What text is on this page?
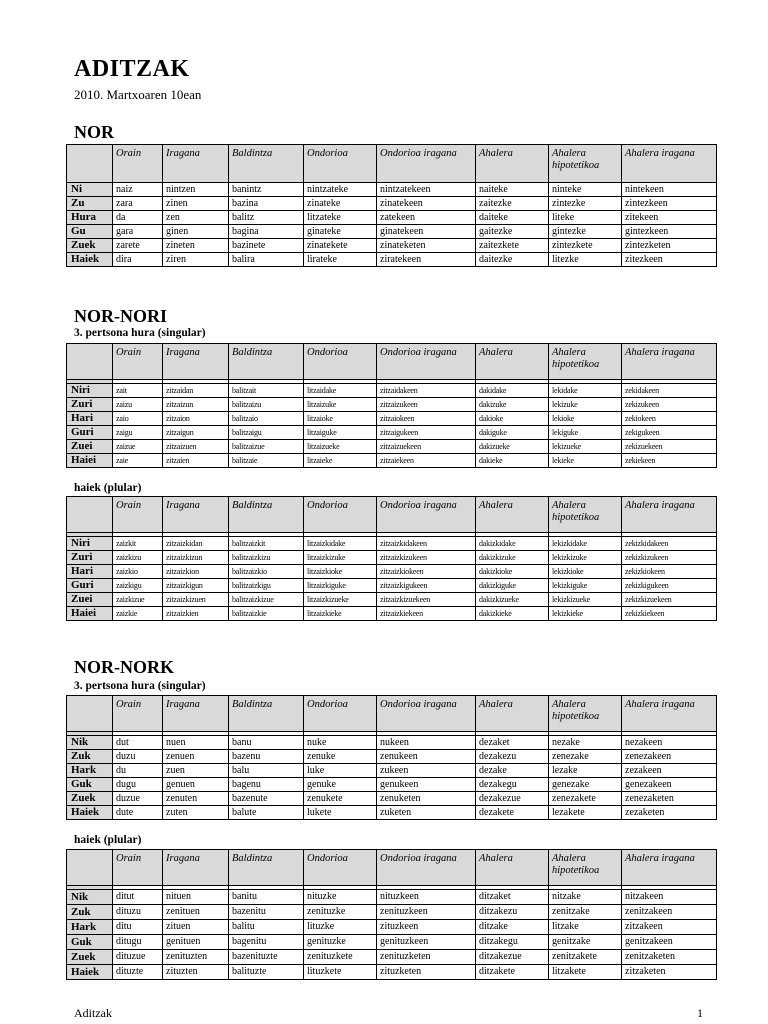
ADITZAK
2010. Martxoaren 10ean
NOR
	Orain	Iragana	Baldintza	Ondorioa	Ondorioa iragana	Ahalera	Ahalera hipotetikoa	Ahalera iragana
Ni	naiz	nintzen	banintz	nintzateke	nintzatekeen	naiteke	ninteke	nintekeen
Zu	zara	zinen	bazina	zinateke	zinatekeen	zaitezke	zintezke	zintezkeen
Hura	da	zen	balitz	litzateke	zatekeen	daiteke	liteke	zitekeen
Gu	gara	ginen	bagina	ginateke	ginatekeen	gaitezke	gintezke	gintezkeen
Zuek	zarete	zineten	bazinete	zinatekete	zinateketen	zaitezkete	zintezkete	zintezketen
Haiek	dira	ziren	balira	lirateke	ziratekeen	daitezke	litezke	zitezkeen
NOR-NORI
3. pertsona hura (singular)
	Orain	Iragana	Baldintza	Ondorioa	Ondorioa iragana	Ahalera	Ahalera hipotetikoa	Ahalera iragana

Niri	zait	zitzaidan	balitzait	litzaidake	zitzaidakeen	dakidake	lekidake	zekidakeen
Zuri	zaizu	zitzaizun	balitzaizu	litzaizuke	zitzaizukeen	dakizuke	lekizuke	zekizukeen
Hari	zaio	zitzaion	balitzaio	litzaioke	zitzaiokeen	dakioke	lekioke	zekiokeen
Guri	zaigu	zitzaigun	balitzaigu	litzaiguke	zitzaigukeen	dakiguke	lekiguke	zekigukeen
Zuei	zaizue	zitzaizuen	balitzaizue	litzaizueke	zitzaizuekeen	dakizueke	lekizueke	zekizuekeen
Haiei	zaie	zitzaien	balitzaie	litzaieke	zitzaiekeen	dakieke	lekieke	zekiekeen
haiek (plular)
	Orain	Iragana	Baldintza	Ondorioa	Ondorioa iragana	Ahalera	Ahalera hipotetikoa	Ahalera iragana

Niri	zaizkit	zitzaizkidan	balitzaizkit	litzaizkidake	zitzaizkidakeen	dakizkidake	lekizkidake	zekizkidakeen
Zuri	zaizkizu	zitzaizkizun	balitzaizkizu	litzaizkizuke	zitzaizkizukeen	dakizkizuke	lekizkizuke	zekizkizukeen
Hari	zaizkio	zitzaizkion	balitzaizkio	litzaizkioke	zitzaizkiokeen	dakizkioke	lekizkioke	zekizkiokeen
Guri	zaizkigu	zitzaizkigun	balitzaizkigu	litzaizkiguke	zitzaizkigukeen	dakizkiguke	lekizkiguke	zekizkigukeen
Zuei	zaizkizue	zitzaizkizuen	balitzaizkizue	litzaizkizueke	zitzaizkizuekeen	dakizkizueke	lekizkizueke	zekizkizuekeen
Haiei	zaizkie	zitzaizkien	balitzaizkie	litzaizkieke	zitzaizkiekeen	dakizkieke	lekizkieke	zekizkiekeen
NOR-NORK
3. pertsona hura (singular)
	Orain	Iragana	Baldintza	Ondorioa	Ondorioa iragana	Ahalera	Ahalera hipotetikoa	Ahalera iragana

Nik	dut	nuen	banu	nuke	nukeen	dezaket	nezake	nezakeen
Zuk	duzu	zenuen	bazenu	zenuke	zenukeen	dezakezu	zenezake	zenezakeen
Hark	du	zuen	balu	luke	zukeen	dezake	lezake	zezakeen
Guk	dugu	genuen	bagenu	genuke	genukeen	dezakegu	genezake	genezakeen
Zuek	duzue	zenuten	bazenute	zenukete	zenuketen	dezakezue	zenezakete	zenezaketen
Haiek	dute	zuten	balute	lukete	zuketen	dezakete	lezakete	zezaketen
haiek (plular)
	Orain	Iragana	Baldintza	Ondorioa	Ondorioa iragana	Ahalera	Ahalera hipotetikoa	Ahalera iragana

Nik	ditut	nituen	banitu	nituzke	nituzkeen	ditzaket	nitzake	nitzakeen
Zuk	dituzu	zenituen	bazenitu	zenituzke	zenituzkeen	ditzakezu	zenitzake	zenitzakeen
Hark	ditu	zituen	balitu	lituzke	zituzkeen	ditzake	litzake	zitzakeen
Guk	ditugu	genituen	bagenitu	genituzke	genituzkeen	ditzakegu	genitzake	genitzakeen
Zuek	dituzue	zenituzten	bazenituzte	zenituzkete	zenituzketen	ditzakezue	zenitzakete	zenitzaketen
Haiek	dituzte	zituzten	balituzte	lituzkete	zituzketen	ditzakete	litzakete	zitzaketen
Aditzak	1
